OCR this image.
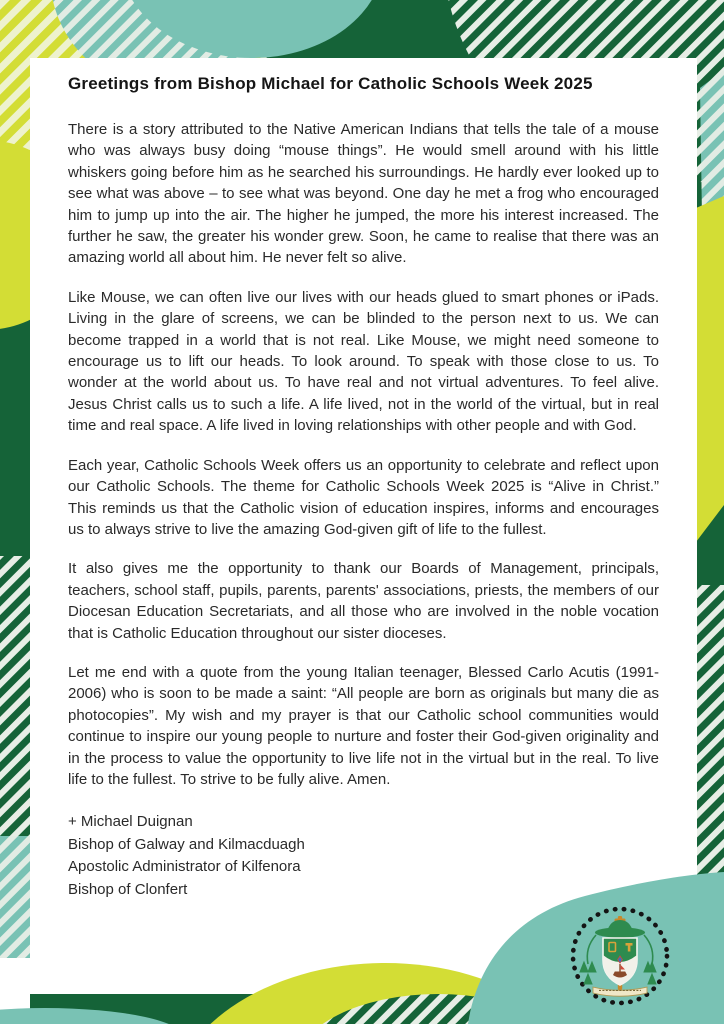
Greetings from Bishop Michael for Catholic Schools Week 2025

There is a story attributed to the Native American Indians that tells the tale of a mouse who was always busy doing “mouse things”. He would smell around with his little whiskers going before him as he searched his surroundings. He hardly ever looked up to see what was above – to see what was beyond. One day he met a frog who encouraged him to jump up into the air. The higher he jumped, the more his interest increased. The further he saw, the greater his wonder grew. Soon, he came to realise that there was an amazing world all about him. He never felt so alive.

Like Mouse, we can often live our lives with our heads glued to smart phones or iPads. Living in the glare of screens, we can be blinded to the person next to us. We can become trapped in a world that is not real. Like Mouse, we might need someone to encourage us to lift our heads. To look around. To speak with those close to us. To wonder at the world about us. To have real and not virtual adventures. To feel alive. Jesus Christ calls us to such a life. A life lived, not in the world of the virtual, but in real time and real space. A life lived in loving relationships with other people and with God.

Each year, Catholic Schools Week offers us an opportunity to celebrate and reflect upon our Catholic Schools. The theme for Catholic Schools Week 2025 is “Alive in Christ.” This reminds us that the Catholic vision of education inspires, informs and encourages us to always strive to live the amazing God-given gift of life to the fullest.

It also gives me the opportunity to thank our Boards of Management, principals, teachers, school staff, pupils, parents, parents' associations, priests, the members of our Diocesan Education Secretariats, and all those who are involved in the noble vocation that is Catholic Education throughout our sister dioceses.

Let me end with a quote from the young Italian teenager, Blessed Carlo Acutis (1991-2006) who is soon to be made a saint: “All people are born as originals but many die as photocopies”. My wish and my prayer is that our Catholic school communities would continue to inspire our young people to nurture and foster their God-given originality and in the process to value the opportunity to live life not in the virtual but in the real. To live life to the fullest. To strive to be fully alive. Amen.

+ Michael Duignan
Bishop of Galway and Kilmacduagh
Apostolic Administrator of Kilfenora
Bishop of Clonfert
